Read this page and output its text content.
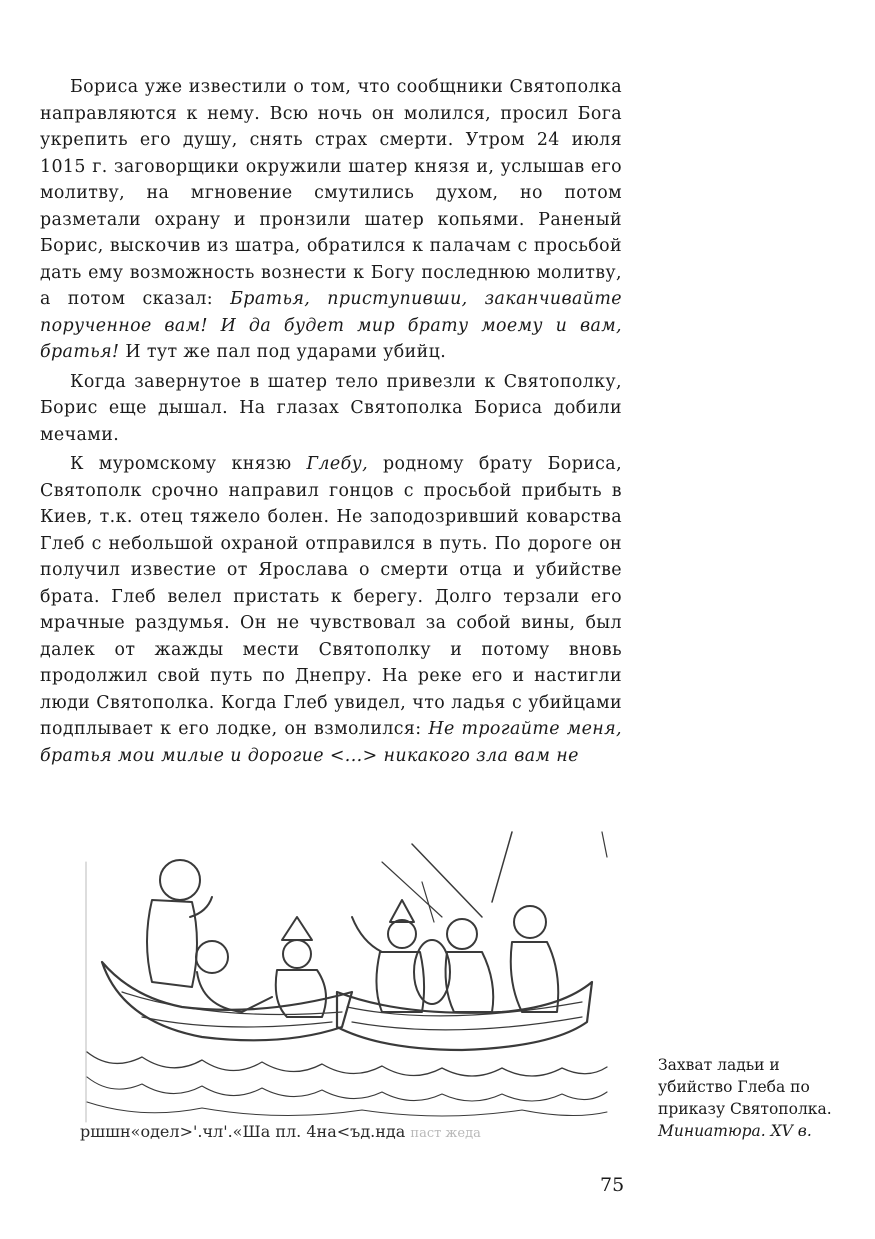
Бориса уже известили о том, что сообщники Святополка направляются к нему. Всю ночь он молился, просил Бога укрепить его душу, снять страх смерти. Утром 24 июля 1015 г. заговорщики окружили шатер князя и, услышав его молитву, на мгновение смутились духом, но потом разметали охрану и пронзили шатер копьями. Раненый Борис, выскочив из шатра, обратился к палачам с просьбой дать ему возможность вознести к Богу последнюю молитву, а потом сказал: Братья, приступивши, заканчивайте порученное вам! И да будет мир брату моему и вам, братья! И тут же пал под ударами убийц.

Когда завернутое в шатер тело привезли к Святополку, Борис еще дышал. На глазах Святополка Бориса добили мечами.

К муромскому князю Глебу, родному брату Бориса, Святополк срочно направил гонцов с просьбой прибыть в Киев, т.к. отец тяжело болен. Не заподозривший коварства Глеб с небольшой охраной отправился в путь. По дороге он получил известие от Ярослава о смерти отца и убийстве брата. Глеб велел пристать к берегу. Долго терзали его мрачные раздумья. Он не чувствовал за собой вины, был далек от жажды мести Святополку и потому вновь продолжил свой путь по Днепру. На реке его и настигли люди Святополка. Когда Глеб увидел, что ладья с убийцами подплывает к его лодке, он взмолился: Не трогайте меня, братья мои милые и дорогие <...> никакого зла вам не

ршшн«одел>'.чл'.«Ша пл. 4на<ъд.нда паст жеда
Захват ладьи и
убийство Глеба по
приказу Святополка.
Миниатюра. XV в.
75
